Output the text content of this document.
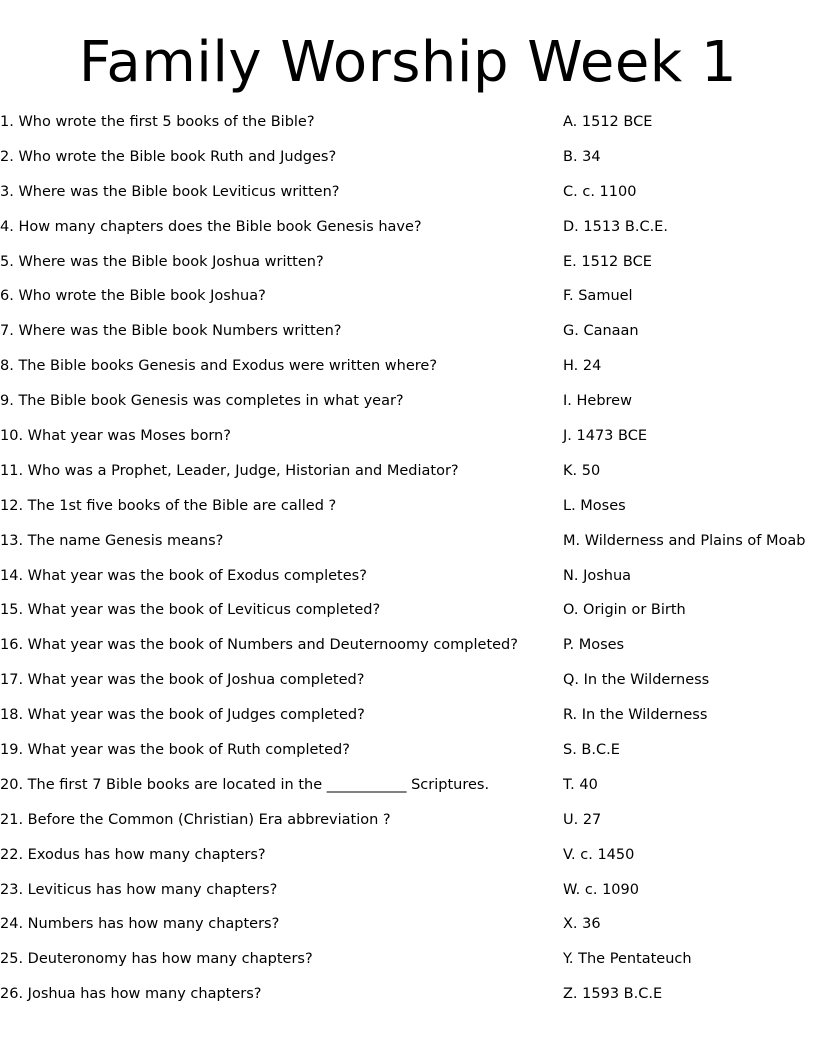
Family Worship Week 1
1. Who wrote the first 5 books of the Bible?	A. 1512 BCE
2. Who wrote the Bible book Ruth and Judges?	B. 34
3. Where was the Bible book Leviticus written?	C. c. 1100
4. How many chapters does the Bible book Genesis have?	D. 1513 B.C.E.
5. Where was the Bible book Joshua written?	E. 1512 BCE
6. Who wrote the Bible book Joshua?	F. Samuel
7. Where was the Bible book Numbers written?	G. Canaan
8. The Bible books Genesis and Exodus were written where?	H. 24
9. The Bible book Genesis was completes in what year?	I. Hebrew
10. What year was Moses born?	J. 1473 BCE
11. Who was a Prophet, Leader, Judge, Historian and Mediator?	K. 50
12. The 1st five books of the Bible are called ?	L. Moses
13. The name Genesis means?	M. Wilderness and Plains of Moab
14. What year was the book of Exodus completes?	N. Joshua
15. What year was the book of Leviticus completed?	O. Origin or Birth
16. What year was the book of Numbers and Deuternoomy completed?	P. Moses
17. What year was the book of Joshua completed?	Q. In the Wilderness
18. What year was the book of Judges completed?	R. In the Wilderness
19. What year was the book of Ruth completed?	S. B.C.E
20. The first 7 Bible books are located in the ___________ Scriptures.	T. 40
21. Before the Common (Christian) Era abbreviation ?	U. 27
22. Exodus has how many chapters?	V. c. 1450
23. Leviticus has how many chapters?	W. c. 1090
24. Numbers has how many chapters?	X. 36
25. Deuteronomy has how many chapters?	Y. The Pentateuch
26. Joshua has how many chapters?	Z. 1593 B.C.E
